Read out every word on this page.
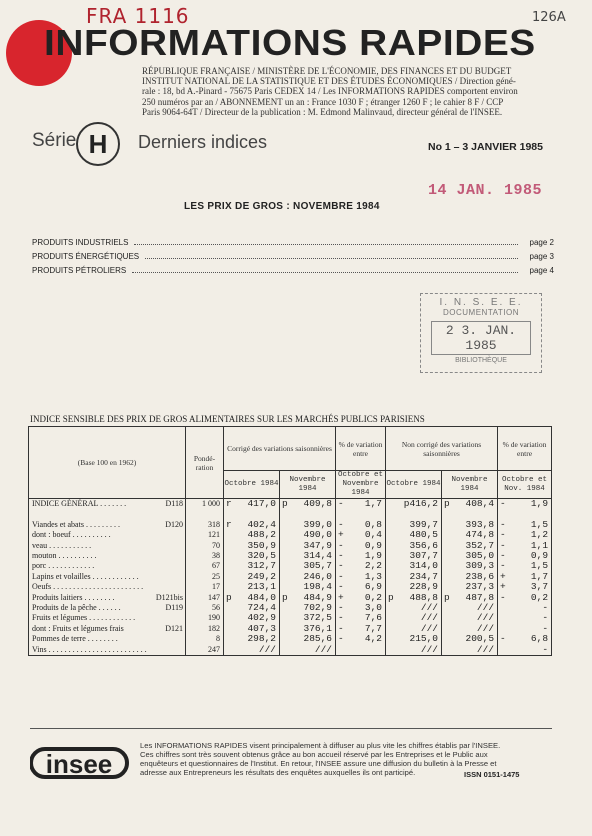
FRA 1116	126A
INFORMATIONS RAPIDES
RÉPUBLIQUE FRANÇAISE / MINISTÈRE DE L'ÉCONOMIE, DES FINANCES ET DU BUDGET
INSTITUT NATIONAL DE LA STATISTIQUE ET DES ÉTUDES ÉCONOMIQUES / Direction géné-
rale : 18, bd A.-Pinard - 75675 Paris CEDEX 14 / Les INFORMATIONS RAPIDES comportent environ
250 numéros par an / ABONNEMENT un an : France 1030 F ; étranger 1260 F ; le cahier 8 F / CCP
Paris 9064-64T / Directeur de la publication : M. Edmond Malinvaud, directeur général de l'INSEE.
Série H	Derniers indices	No 1 – 3 JANVIER 1985
14 JAN. 1985
LES PRIX DE GROS : NOVEMBRE 1984
PRODUITS INDUSTRIELS	page 2
PRODUITS ÉNERGÉTIQUES	page 3
PRODUITS PÉTROLIERS	page 4
I. N. S. E. E.
DOCUMENTATION
2 3. JAN. 1985
BIBLIOTHÈQUE
INDICE SENSIBLE DES PRIX DE GROS ALIMENTAIRES SUR LES MARCHÉS PUBLICS PARISIENS
(Base 100 en 1962)	Pondé-ration	Corrigé des variations saisonnières		% de variation entre	Non corrigé des variations saisonnières		% de variation entre
		Octobre 1984	Novembre 1984	Octobre et Novembre 1984	Octobre 1984	Novembre 1984	Octobre et Nov. 1984
INDICE GÉNÉRAL . . . . . . . D118	1 000	r 417,0	p 409,8	- 1,7	p416,2	p 408,4	- 1,9

Viandes et abats . . . . . . . . . D120	318	r 402,4	399,0	- 0,8	399,7	393,8	- 1,5
dont : boeuf . . . . . . . . . .	121	488,2	490,0	+ 0,4	480,5	474,8	- 1,2
veau . . . . . . . . . . .	70	350,9	347,9	- 0,9	356,6	352,7	- 1,1
mouton . . . . . . . . . .	38	320,5	314,4	- 1,9	307,7	305,0	- 0,9
porc . . . . . . . . . . . .	67	312,7	305,7	- 2,2	314,0	309,3	- 1,5
Lapins et volailles . . . . . . . . . . . .	25	249,2	246,0	- 1,3	234,7	238,6	+ 1,7
Oeufs . . . . . . . . . . . . . . . . . . . . . . .	17	213,1	198,4	- 6,9	228,9	237,3	+ 3,7
Produits laitiers . . . . . . . . D121bis	147	p 484,0	p 484,9	+ 0,2	p 488,8	p 487,8	- 0,2
Produits de la pêche . . . . . . D119	56	724,4	702,9	- 3,0	///	///	-
Fruits et légumes . . . . . . . . . . . .	190	402,9	372,5	- 7,6	///	///	-
dont : Fruits et légumes frais D121	182	407,3	376,1	- 7,7	///	///	-
Pommes de terre . . . . . . . .	8	298,2	285,6	- 4,2	215,0	200,5	- 6,8
Vins . . . . . . . . . . . . . . . . . . . . . . . . .	247	///	///		///	///	-
insee
Les INFORMATIONS RAPIDES visent principalement à diffuser au plus vite les chiffres établis par l'INSEE.
Ces chiffres sont très souvent obtenus grâce au bon accueil réservé par les Entreprises et le Public aux
enquêteurs et questionnaires de l'Institut. En retour, l'INSEE assure une diffusion du bulletin à la Presse et
adresse aux Entrepreneurs les résultats des enquêtes auxquelles ils ont participé.	ISSN 0151-1475
